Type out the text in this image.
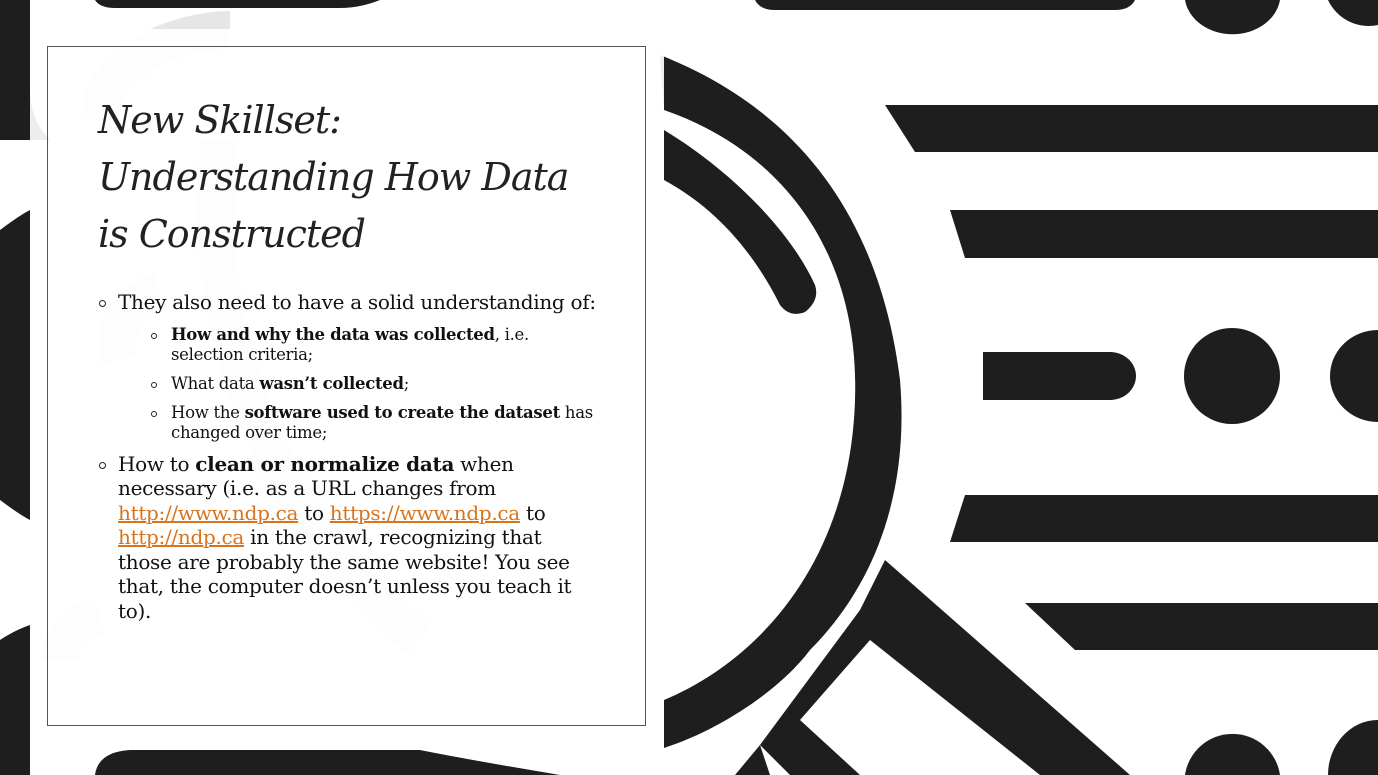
New Skillset:
Understanding How Data
is Constructed
They also need to have a solid understanding of:
How and why the data was collected, i.e. selection criteria;
What data wasn’t collected;
How the software used to create the dataset has changed over time;
How to clean or normalize data when necessary (i.e. as a URL changes from http://www.ndp.ca to https://www.ndp.ca to http://ndp.ca in the crawl, recognizing that those are probably the same website! You see that, the computer doesn’t unless you teach it to).
